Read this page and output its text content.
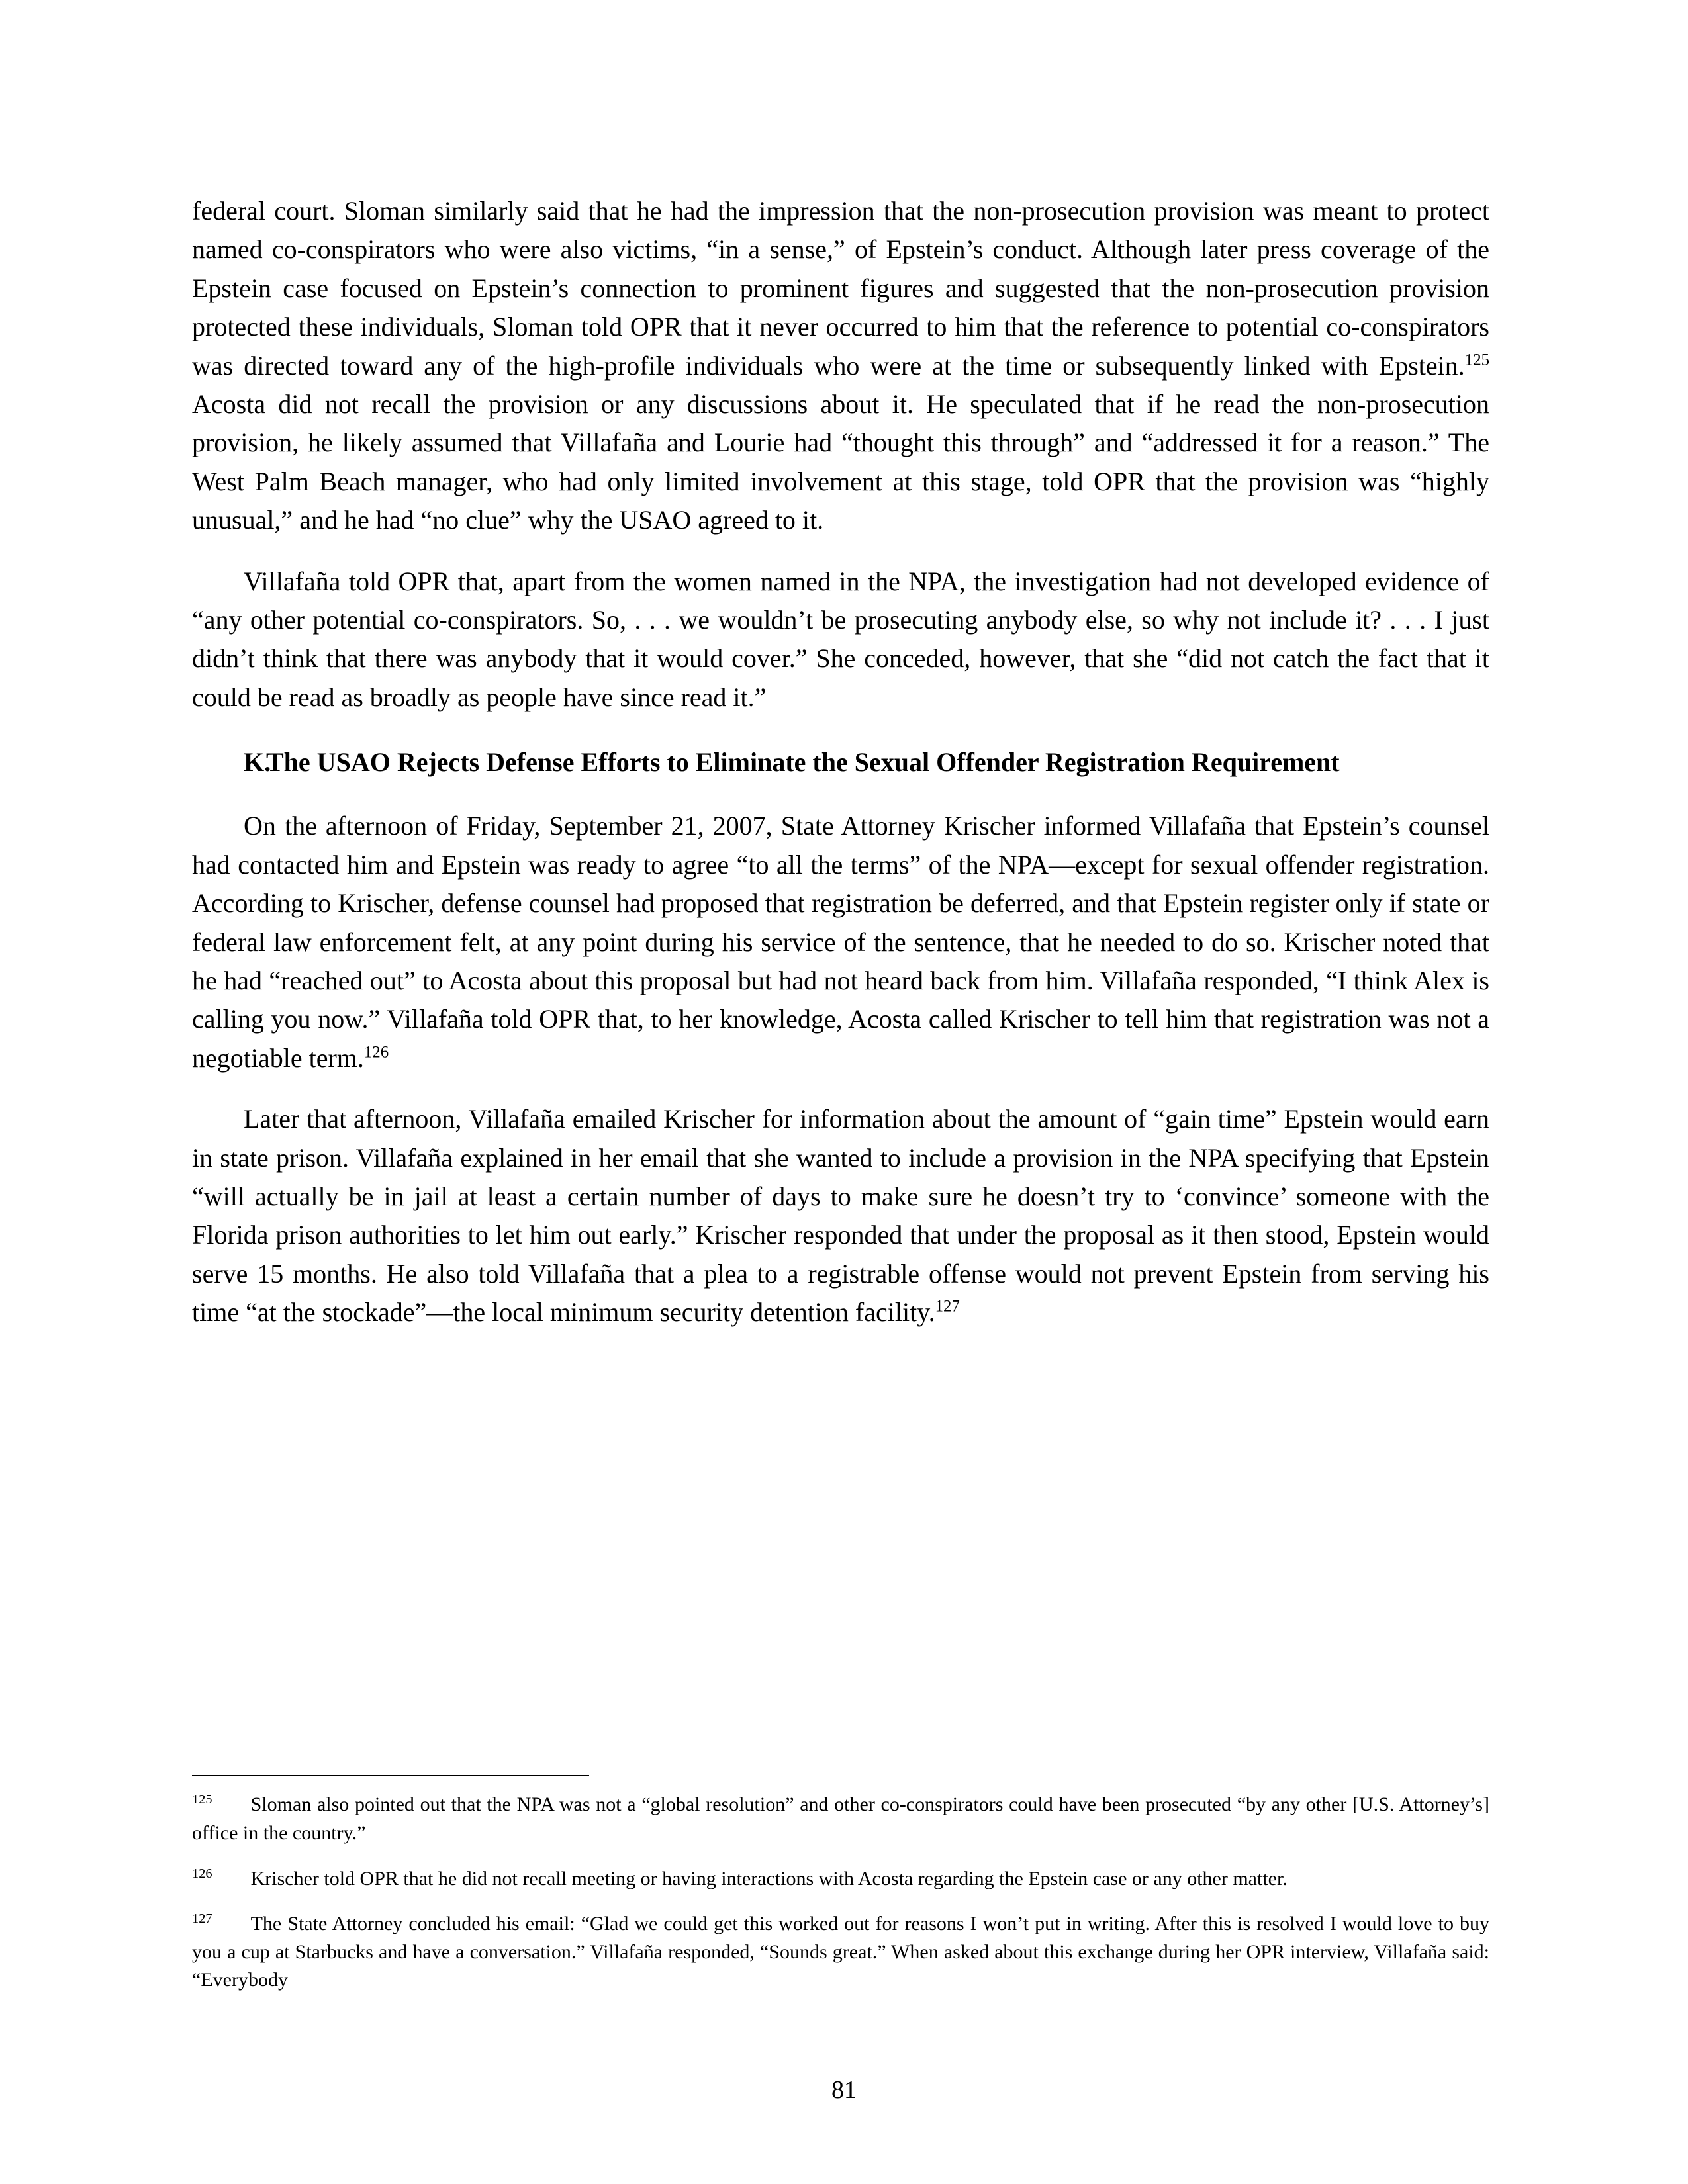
federal court. Sloman similarly said that he had the impression that the non-prosecution provision was meant to protect named co-conspirators who were also victims, “in a sense,” of Epstein’s conduct. Although later press coverage of the Epstein case focused on Epstein’s connection to prominent figures and suggested that the non-prosecution provision protected these individuals, Sloman told OPR that it never occurred to him that the reference to potential co-conspirators was directed toward any of the high-profile individuals who were at the time or subsequently linked with Epstein.$^{125}$ Acosta did not recall the provision or any discussions about it. He speculated that if he read the non-prosecution provision, he likely assumed that Villafaña and Lourie had “thought this through” and “addressed it for a reason.” The West Palm Beach manager, who had only limited involvement at this stage, told OPR that the provision was “highly unusual,” and he had “no clue” why the USAO agreed to it.

Villafaña told OPR that, apart from the women named in the NPA, the investigation had not developed evidence of “any other potential co-conspirators. So, . . . we wouldn’t be prosecuting anybody else, so why not include it? . . . I just didn’t think that there was anybody that it would cover.” She conceded, however, that she “did not catch the fact that it could be read as broadly as people have since read it.”

K.
The USAO Rejects Defense Efforts to Eliminate the Sexual Offender Registration Requirement

On the afternoon of Friday, September 21, 2007, State Attorney Krischer informed Villafaña that Epstein’s counsel had contacted him and Epstein was ready to agree “to all the terms” of the NPA—except for sexual offender registration. According to Krischer, defense counsel had proposed that registration be deferred, and that Epstein register only if state or federal law enforcement felt, at any point during his service of the sentence, that he needed to do so. Krischer noted that he had “reached out” to Acosta about this proposal but had not heard back from him. Villafaña responded, “I think Alex is calling you now.” Villafaña told OPR that, to her knowledge, Acosta called Krischer to tell him that registration was not a negotiable term.$^{126}$

Later that afternoon, Villafaña emailed Krischer for information about the amount of “gain time” Epstein would earn in state prison. Villafaña explained in her email that she wanted to include a provision in the NPA specifying that Epstein “will actually be in jail at least a certain number of days to make sure he doesn’t try to ‘convince’ someone with the Florida prison authorities to let him out early.” Krischer responded that under the proposal as it then stood, Epstein would serve 15 months. He also told Villafaña that a plea to a registrable offense would not prevent Epstein from serving his time “at the stockade”—the local minimum security detention facility.$^{127}$

$^{125}$ Sloman also pointed out that the NPA was not a “global resolution” and other co-conspirators could have been prosecuted “by any other [U.S. Attorney’s] office in the country.”
$^{126}$ Krischer told OPR that he did not recall meeting or having interactions with Acosta regarding the Epstein case or any other matter.
$^{127}$ The State Attorney concluded his email: “Glad we could get this worked out for reasons I won’t put in writing. After this is resolved I would love to buy you a cup at Starbucks and have a conversation.” Villafaña responded, “Sounds great.” When asked about this exchange during her OPR interview, Villafaña said: “Everybody
81
